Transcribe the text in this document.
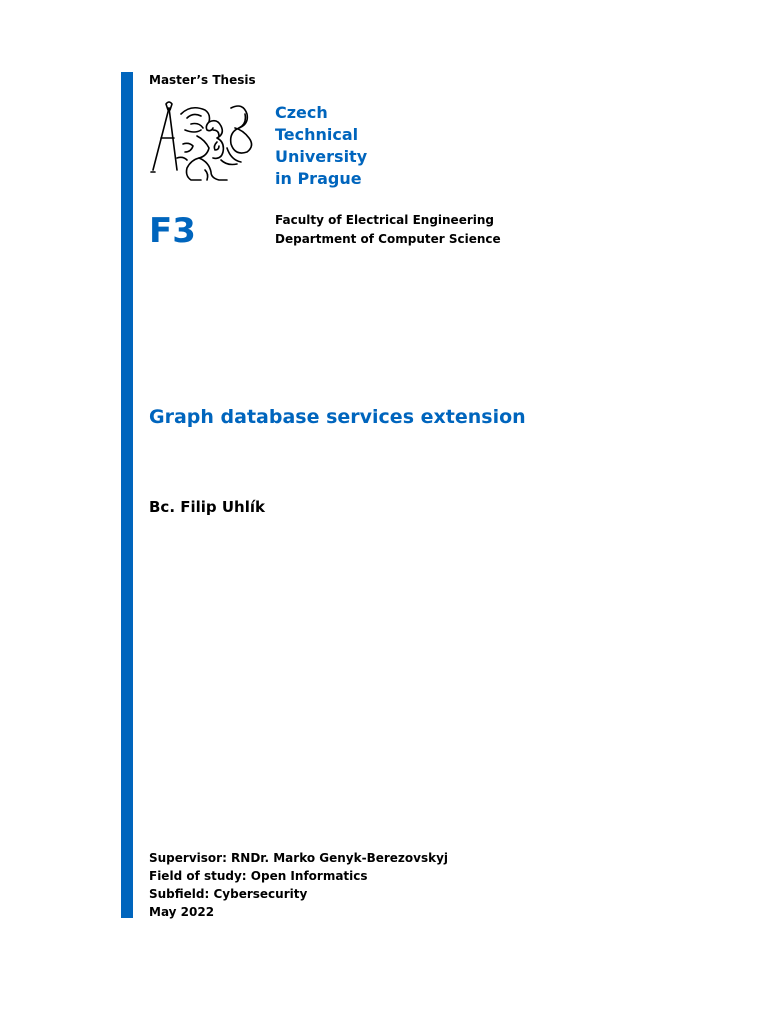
Master’s Thesis
Czech
Technical
University
in Prague
F3	Faculty of Electrical Engineering
Department of Computer Science
Graph database services extension
Bc. Filip Uhlík
Supervisor: RNDr. Marko Genyk-Berezovskyj
Field of study: Open Informatics
Subfield: Cybersecurity
May 2022
